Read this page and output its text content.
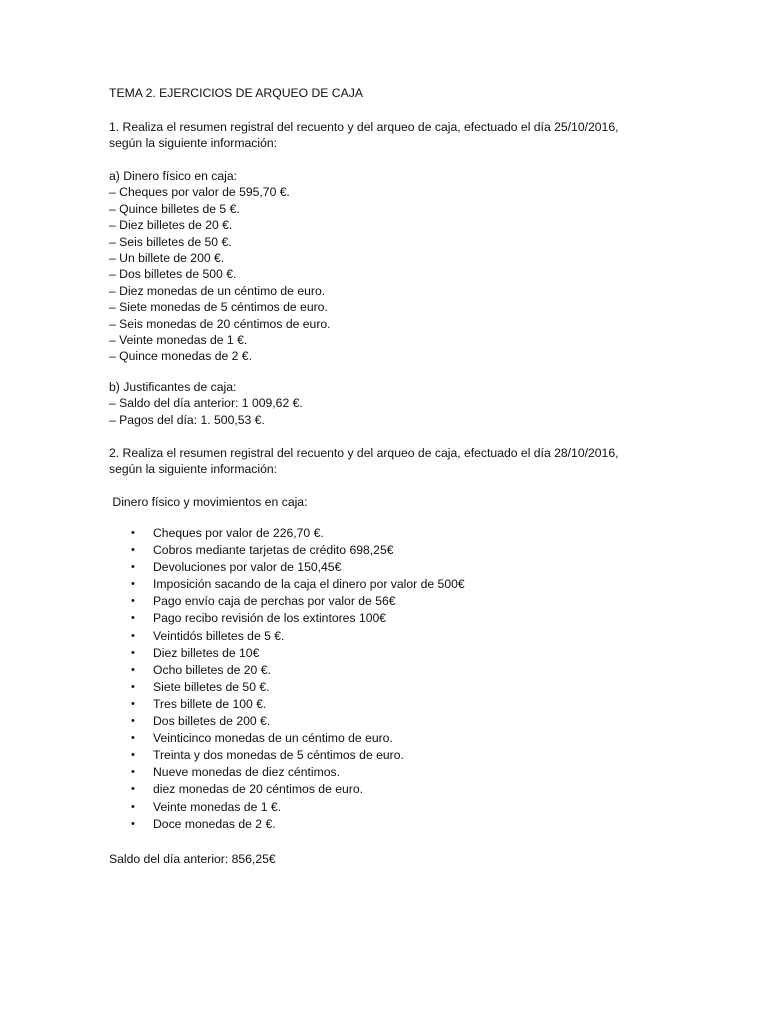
TEMA 2. EJERCICIOS DE ARQUEO DE CAJA
1. Realiza el resumen registral del recuento y del arqueo de caja, efectuado el día 25/10/2016,
según la siguiente información:
a) Dinero físico en caja:
– Cheques por valor de 595,70 €.
– Quince billetes de 5 €.
– Diez billetes de 20 €.
– Seis billetes de 50 €.
– Un billete de 200 €.
– Dos billetes de 500 €.
– Diez monedas de un céntimo de euro.
– Siete monedas de 5 céntimos de euro.
– Seis monedas de 20 céntimos de euro.
– Veinte monedas de 1 €.
– Quince monedas de 2 €.
b) Justificantes de caja:
– Saldo del día anterior: 1 009,62 €.
– Pagos del día: 1. 500,53 €.
2. Realiza el resumen registral del recuento y del arqueo de caja, efectuado el día 28/10/2016,
según la siguiente información:
Dinero físico y movimientos en caja:
•	Cheques por valor de 226,70 €.
•	Cobros mediante tarjetas de crédito 698,25€
•	Devoluciones por valor de 150,45€
•	Imposición sacando de la caja el dinero por valor de 500€
•	Pago envío caja de perchas por valor de 56€
•	Pago recibo revisión de los extintores 100€
•	Veintidós billetes de 5 €.
•	Diez billetes de 10€
•	Ocho billetes de 20 €.
•	Siete billetes de 50 €.
•	Tres billete de 100 €.
•	Dos billetes de 200 €.
•	Veinticinco monedas de un céntimo de euro.
•	Treinta y dos monedas de 5 céntimos de euro.
•	Nueve monedas de diez céntimos.
•	diez monedas de 20 céntimos de euro.
•	Veinte monedas de 1 €.
•	Doce monedas de 2 €.
Saldo del día anterior: 856,25€
